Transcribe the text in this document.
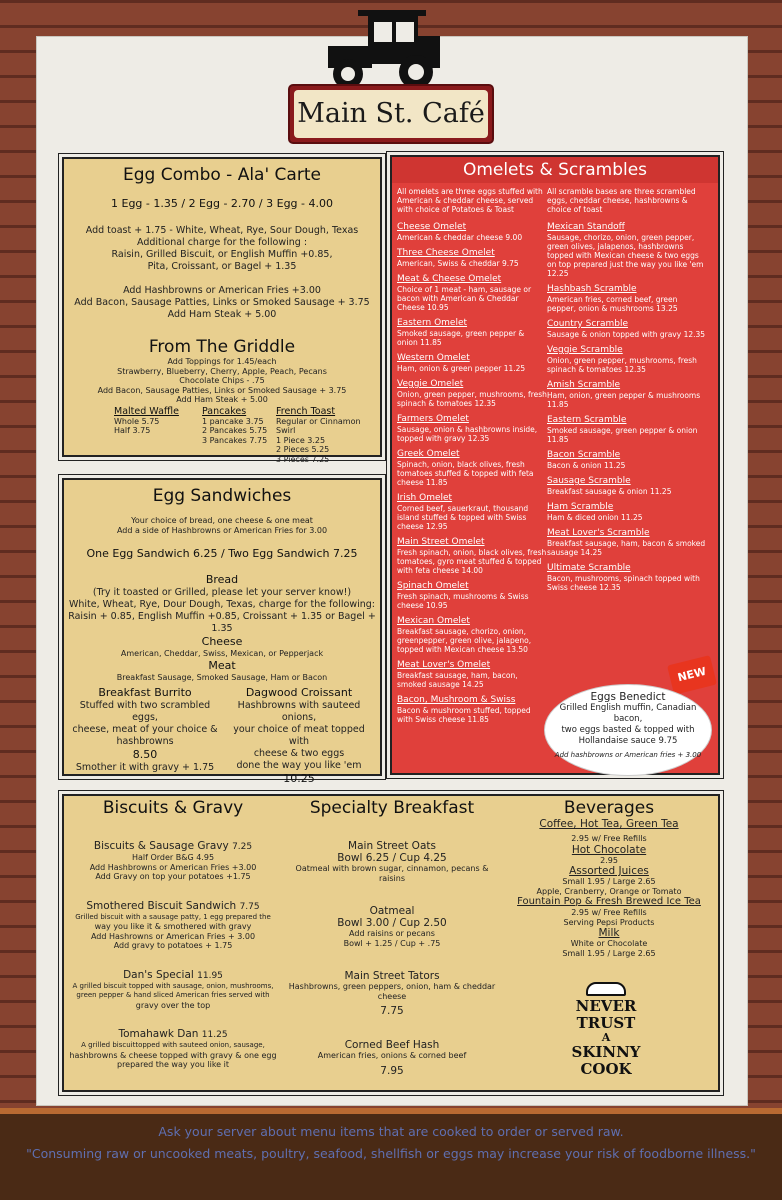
Main St. Café
Egg Combo - Ala' Carte
1 Egg - 1.35 / 2 Egg - 2.70 / 3 Egg - 4.00
Add toast + 1.75 - White, Wheat, Rye, Sour Dough, Texas
Additional charge for the following :
Raisin, Grilled Biscuit, or English Muffin +0.85,
Pita, Croissant, or Bagel + 1.35
Add Hashbrowns or American Fries +3.00
Add Bacon, Sausage Patties, Links or Smoked Sausage + 3.75
Add Ham Steak + 5.00
From The Griddle
Add Toppings for 1.45/each
Strawberry, Blueberry, Cherry, Apple, Peach, Pecans
Chocolate Chips - .75
Add Bacon, Sausage Patties, Links or Smoked Sausage + 3.75
Add Ham Steak + 5.00
Malted Waffle
Whole 5.75
Half 3.75
Pancakes
1 pancake 3.75
2 Pancakes 5.75
3 Pancakes 7.75
French Toast
Regular or Cinnamon Swirl
1 Piece 3.25
2 Pieces 5.25
3 Pieces 7.25
Egg Sandwiches
Your choice of bread, one cheese & one meat
Add a side of Hashbrowns or American Fries for 3.00
One Egg Sandwich 6.25 / Two Egg Sandwich 7.25
Bread
(Try it toasted or Grilled, please let your server know!)
White, Wheat, Rye, Dour Dough, Texas, charge for the following:
Raisin + 0.85, English Muffin +0.85, Croissant + 1.35 or Bagel + 1.35
Cheese
American, Cheddar, Swiss, Mexican, or Pepperjack
Meat
Breakfast Sausage, Smoked Sausage, Ham or Bacon
Breakfast Burrito
Stuffed with two scrambled eggs,
cheese, meat of your choice &
hashbrowns
8.50
Smother it with gravy + 1.75
Dagwood Croissant
Hashbrowns with sauteed onions,
your choice of meat topped with
cheese & two eggs
done the way you like 'em
10.25
Omelets & Scrambles
All omelets are three eggs stuffed with American & cheddar cheese, served with choice of Potatoes & Toast
Cheese Omelet
American & cheddar cheese 9.00
Three Cheese Omelet
American, Swiss & cheddar 9.75
Meat & Cheese Omelet
Choice of 1 meat - ham, sausage or bacon with American & Cheddar Cheese 10.95
Eastern Omelet
Smoked sausage, green pepper & onion 11.85
Western Omelet
Ham, onion & green pepper 11.25
Veggie Omelet
Onion, green pepper, mushrooms, fresh spinach & tomatoes 12.35
Farmers Omelet
Sausage, onion & hashbrowns inside, topped with gravy 12.35
Greek Omelet
Spinach, onion, black olives, fresh tomatoes stuffed & topped with feta cheese 11.85
Irish Omelet
Corned beef, sauerkraut, thousand island stuffed & topped with Swiss cheese 12.95
Main Street Omelet
Fresh spinach, onion, black olives, fresh tomatoes, gyro meat stuffed & topped with feta cheese 14.00
Spinach Omelet
Fresh spinach, mushrooms & Swiss cheese 10.95
Mexican Omelet
Breakfast sausage, chorizo, onion, greenpepper, green olive, jalapeno, topped with Mexican cheese 13.50
Meat Lover's Omelet
Breakfast sausage, ham, bacon, smoked sausage 14.25
Bacon, Mushroom & Swiss
Bacon & mushroom stuffed, topped with Swiss cheese 11.85
All scramble bases are three scrambled eggs, cheddar cheese, hashbrowns & choice of toast
Mexican Standoff
Sausage, chorizo, onion, green pepper, green olives, jalapenos, hashbrowns topped with Mexican cheese & two eggs on top prepared just the way you like 'em 12.25
Hashbash Scramble
American fries, corned beef, green pepper, onion & mushrooms 13.25
Country Scramble
Sausage & onion topped with gravy 12.35
Veggie Scramble
Onion, green pepper, mushrooms, fresh spinach & tomatoes 12.35
Amish Scramble
Ham, onion, green pepper & mushrooms 11.85
Eastern Scramble
Smoked sausage, green pepper & onion 11.85
Bacon Scramble
Bacon & onion 11.25
Sausage Scramble
Breakfast sausage & onion 11.25
Ham Scramble
Ham & diced onion 11.25
Meat Lover's Scramble
Breakfast sausage, ham, bacon & smoked sausage 14.25
Ultimate Scramble
Bacon, mushrooms, spinach topped with Swiss cheese 12.35
NEW
Eggs Benedict
Grilled English muffin, Canadian bacon,
two eggs basted & topped with
Hollandaise sauce 9.75
Add hashbrowns or American fries + 3.00
Biscuits & Gravy
Biscuits & Sausage Gravy 7.25
Half Order B&G 4.95
Add Hashbrowns or American Fries +3.00
Add Gravy on top your potatoes +1.75
Smothered Biscuit Sandwich 7.75
Grilled biscuit with a sausage patty, 1 egg prepared the
way you like it & smothered with gravy
Add Hashrowns or American Fries + 3.00
Add gravy to potatoes + 1.75
Dan's Special 11.95
A grilled biscuit topped with sausage, onion, mushrooms,
green pepper & hand sliced American fries served with
gravy over the top
Tomahawk Dan 11.25
A grilled biscuittopped with sauteed onion, sausage,
hashbrowns & cheese topped with gravy & one egg
prepared the way you like it
Specialty Breakfast
Main Street Oats
Bowl 6.25 / Cup 4.25
Oatmeal with brown sugar, cinnamon, pecans & raisins
Oatmeal
Bowl 3.00 / Cup 2.50
Add raisins or pecans
Bowl + 1.25 / Cup + .75
Main Street Tators
Hashbrowns, green peppers, onion, ham & cheddar cheese
7.75
Corned Beef Hash
American fries, onions & corned beef
7.95
Beverages
Coffee, Hot Tea, Green Tea
2.95 w/ Free Refills
Hot Chocolate
2.95
Assorted Juices
Small 1.95 / Large 2.65
Apple, Cranberry, Orange or Tomato
Fountain Pop & Fresh Brewed Ice Tea
2.95 w/ Free Refills
Serving Pepsi Products
Milk
White or Chocolate
Small 1.95 / Large 2.65
NEVER
TRUST
A
SKINNY
COOK

Ask your server about menu items that are cooked to order or served raw.

"Consuming raw or uncooked meats, poultry, seafood, shellfish or eggs may increase your risk of foodborne illness."
